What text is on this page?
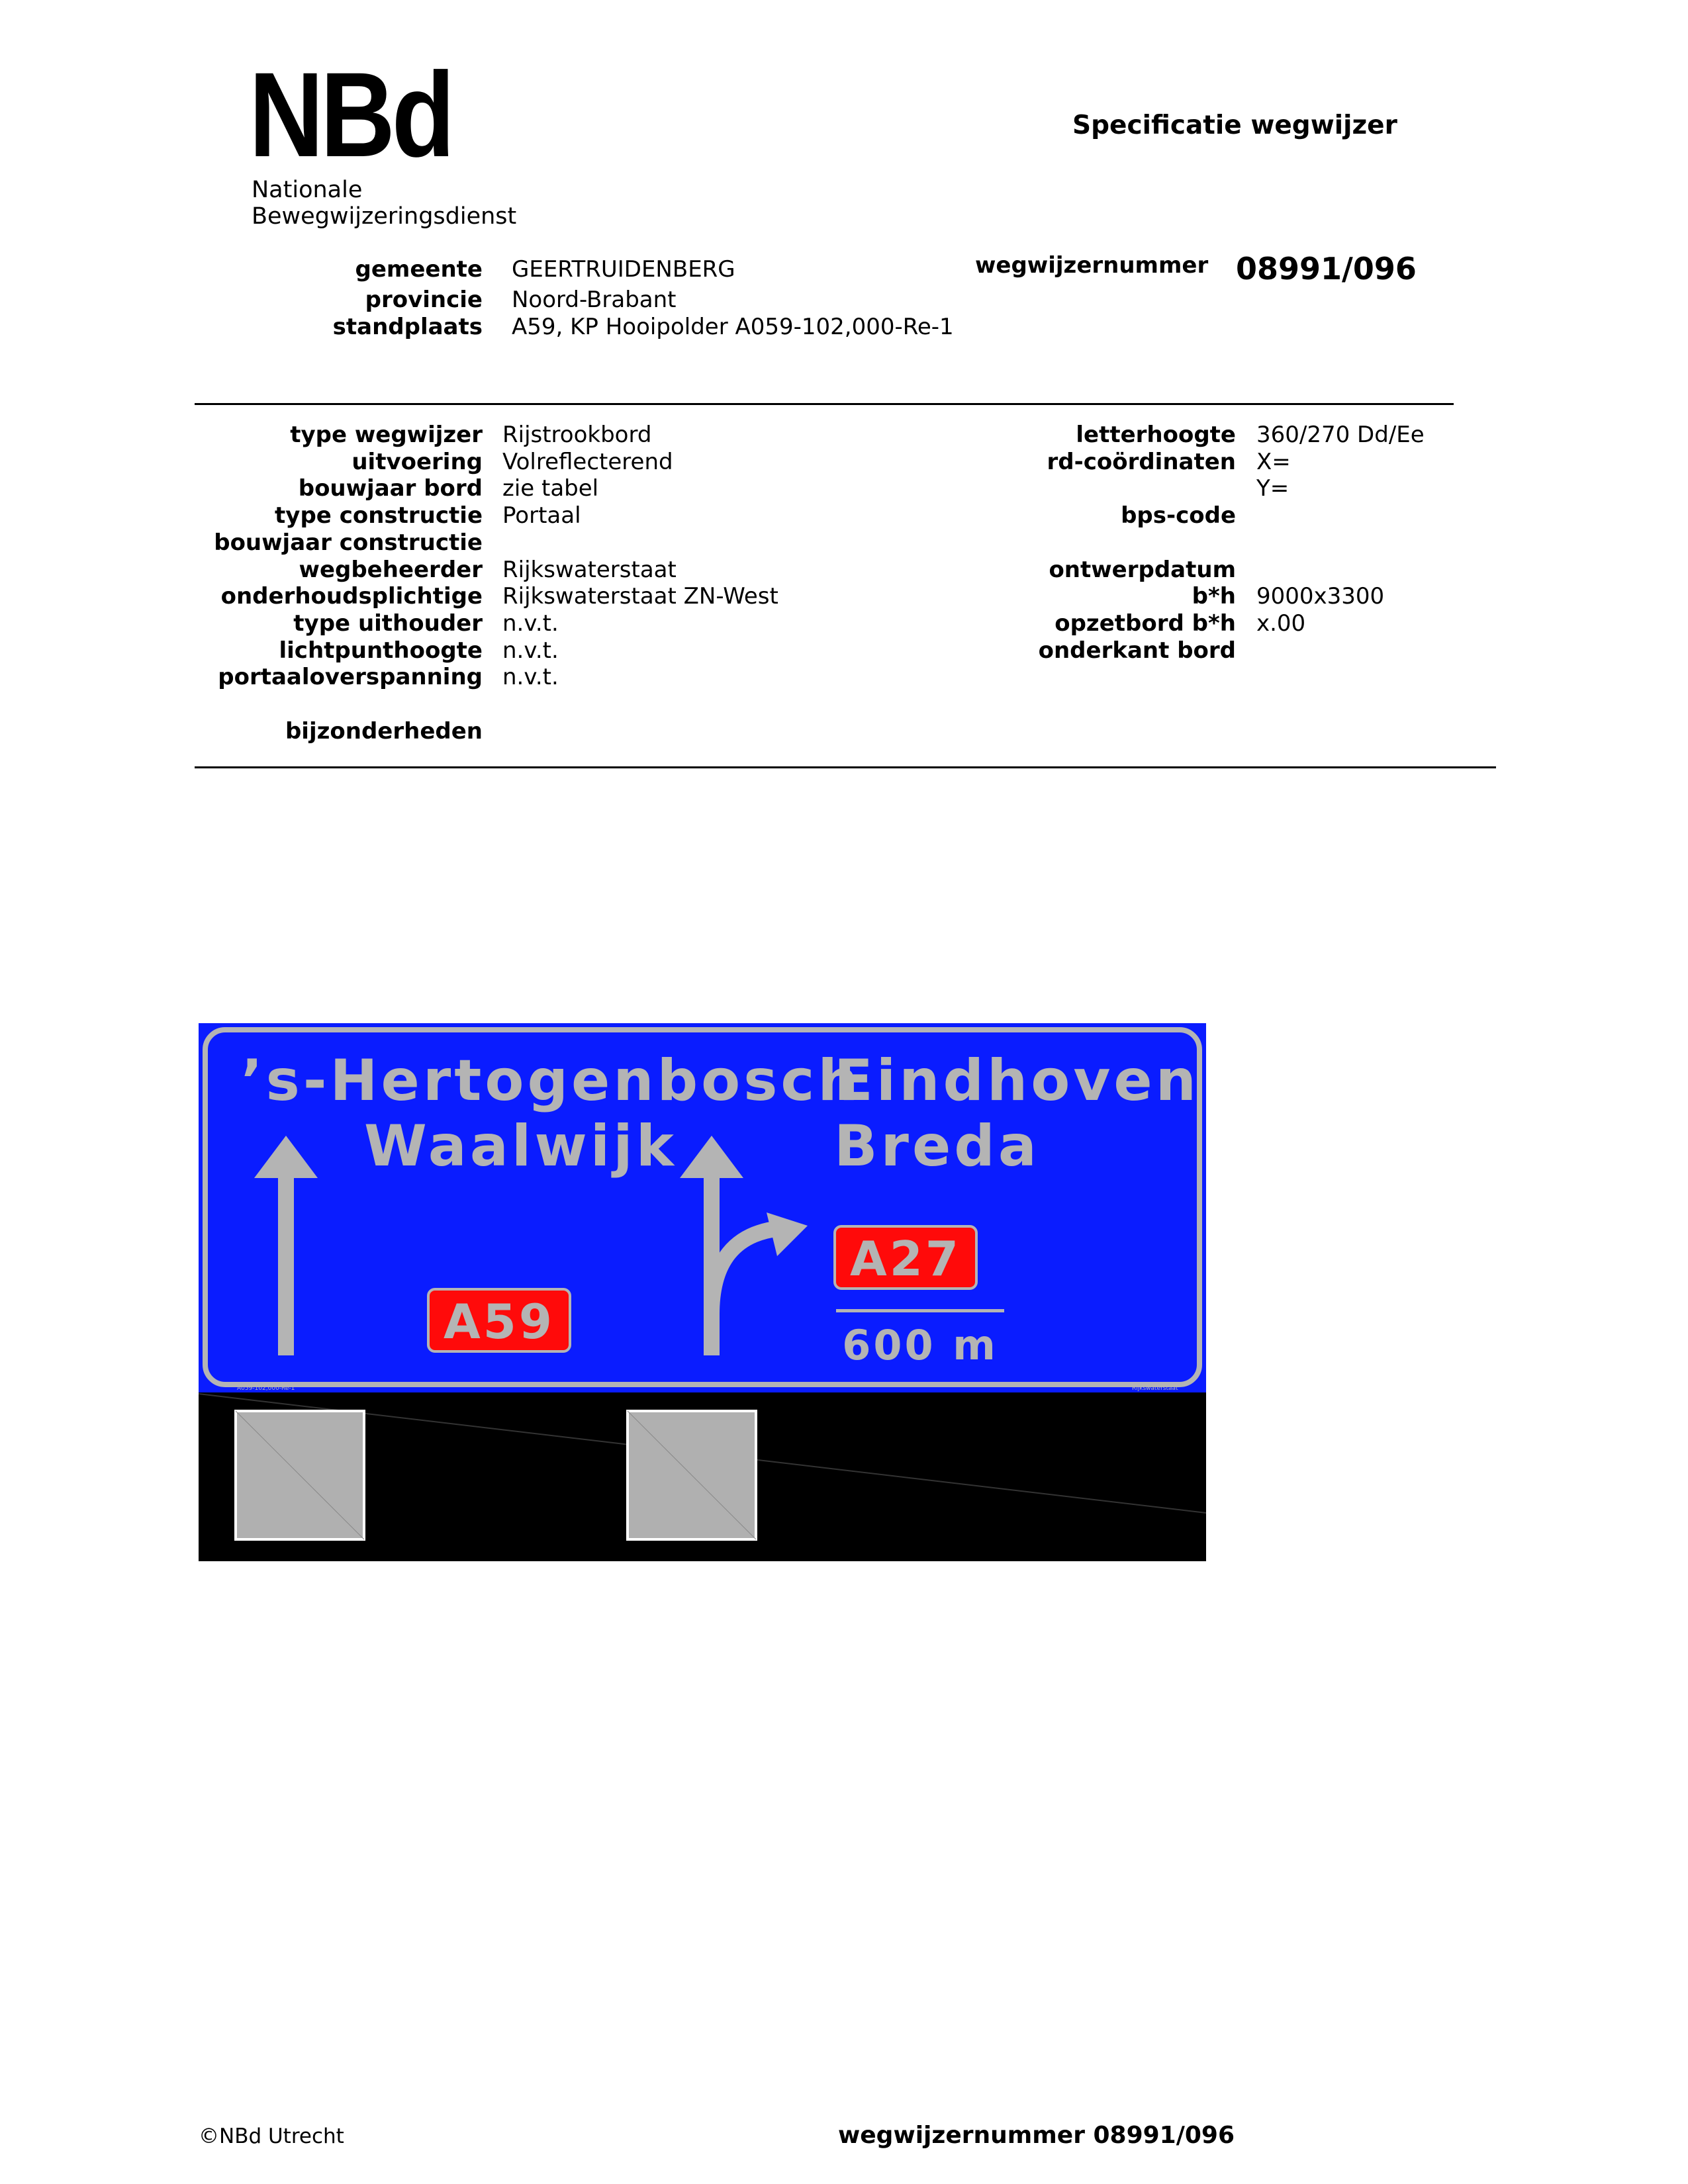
NBd
Nationale
Bewegwijzeringsdienst
Specificatie wegwijzer
gemeente GEERTRUIDENBERG
provincie Noord-Brabant
standplaats A59, KP Hooipolder A059-102,000-Re-1
wegwijzernummer 08991/096
type wegwijzer Rijstrookbord
uitvoering Volreflecterend
bouwjaar bord zie tabel
type constructie Portaal
bouwjaar constructie
wegbeheerder Rijkswaterstaat
onderhoudsplichtige Rijkswaterstaat ZN-West
type uithouder n.v.t.
lichtpunthoogte n.v.t.
portaaloverspanning n.v.t.
bijzonderheden
letterhoogte 360/270 Dd/Ee
rd-coördinaten X=
Y=
bps-code
ontwerpdatum
b*h 9000x3300
opzetbord b*h x.00
onderkant bord
’s-Hertogenbosch
Waalwijk
Eindhoven
Breda
A59
A27
600 m
A059-102,000-Re-1	Rijkswaterstaat
©NBd Utrecht	wegwijzernummer 08991/096
